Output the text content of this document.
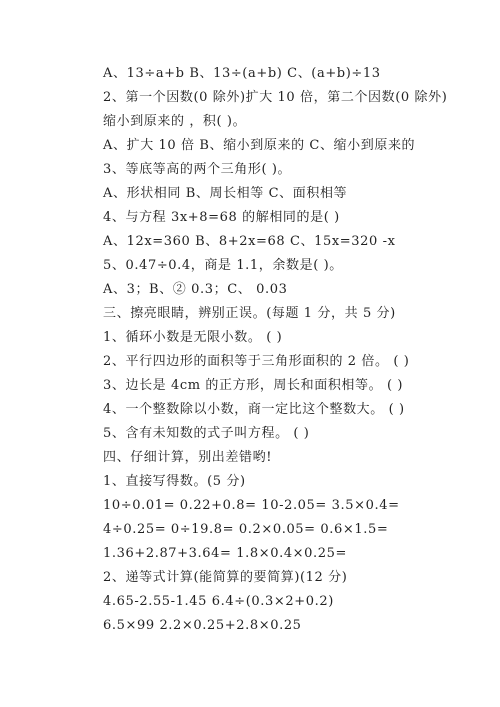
A、13÷a+b B、13÷(a+b) C、(a+b)÷13
2、第一个因数(0 除外)扩大 10 倍，第二个因数(0 除外)
缩小到原来的 ，积( )。
A、扩大 10 倍 B、缩小到原来的 C、缩小到原来的
3、等底等高的两个三角形( )。
A、形状相同 B、周长相等 C、面积相等
4、与方程 3x+8=68 的解相同的是( )
A、12x=360 B、8+2x=68 C、15x=320 -x
5、0.47÷0.4，商是 1.1，余数是( )。
A、3；B、② 0.3；C、 0.03
三、擦亮眼睛，辨别正误。(每题 1 分，共 5 分)
1、循环小数是无限小数。 ( )
2、平行四边形的面积等于三角形面积的 2 倍。 ( )
3、边长是 4cm 的正方形，周长和面积相等。 ( )
4、一个整数除以小数，商一定比这个整数大。 ( )
5、含有未知数的式子叫方程。 ( )
四、仔细计算，别出差错哟!
1、直接写得数。(5 分)
10÷0.01= 0.22+0.8= 10-2.05= 3.5×0.4=
4÷0.25= 0÷19.8= 0.2×0.05= 0.6×1.5=
1.36+2.87+3.64= 1.8×0.4×0.25=
2、递等式计算(能简算的要简算)(12 分)
4.65-2.55-1.45 6.4÷(0.3×2+0.2)
6.5×99 2.2×0.25+2.8×0.25
